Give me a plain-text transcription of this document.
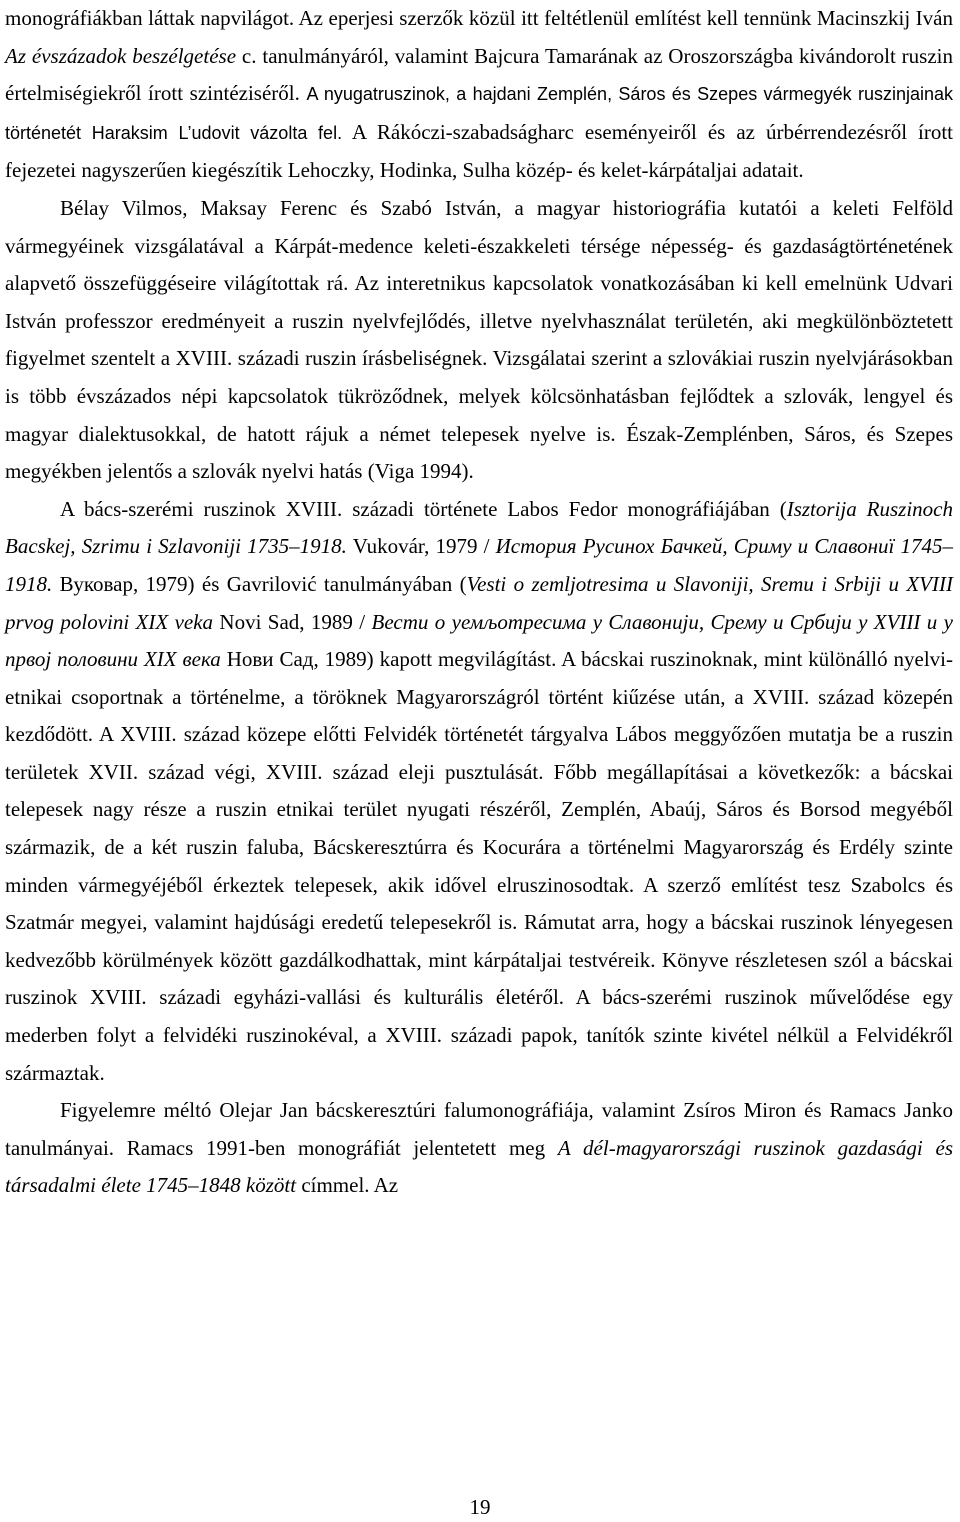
monográfiákban láttak napvilágot. Az eperjesi szerzők közül itt feltétlenül említést kell tennünk Macinszkij Iván Az évszázadok beszélgetése c. tanulmányáról, valamint Bajcura Tamarának az Oroszországba kivándorolt ruszin értelmiségiekről írott szintéziséről. A nyugatruszinok, a hajdani Zemplén, Sáros és Szepes vármegyék ruszinjainak történetét Haraksim L’udovit vázolta fel. A Rákóczi-szabadságharc eseményeiről és az úrbérrendezésről írott fejezetei nagyszerűen kiegészítik Lehoczky, Hodinka, Sulha közép- és kelet-kárpátaljai adatait.

Bélay Vilmos, Maksay Ferenc és Szabó István, a magyar historiográfia kutatói a keleti Felföld vármegyéinek vizsgálatával a Kárpát-medence keleti-északkeleti térsége népesség- és gazdaságtörténetének alapvető összefüggéseire világítottak rá. Az interetnikus kapcsolatok vonatkozásában ki kell emelnünk Udvari István professzor eredményeit a ruszin nyelvfejlődés, illetve nyelvhasználat területén, aki megkülönböztetett figyelmet szentelt a XVIII. századi ruszin írásbeliségnek. Vizsgálatai szerint a szlovákiai ruszin nyelvjárásokban is több évszázados népi kapcsolatok tükröződnek, melyek kölcsönhatásban fejlődtek a szlovák, lengyel és magyar dialektusokkal, de hatott rájuk a német telepesek nyelve is. Észak-Zemplénben, Sáros, és Szepes megyékben jelentős a szlovák nyelvi hatás (Viga 1994).

A bács-szerémi ruszinok XVIII. századi története Labos Fedor monográfiájában (Isztorija Ruszinoch Bacskej, Szrimu i Szlavoniji 1735–1918. Vukovár, 1979 / История Русинох Бачкей, Сриму и Славониї 1745–1918. Вуковар, 1979) és Gavrilović tanulmányában (Vesti o zemljotresima u Slavoniji, Sremu i Srbiji u XVIII prvog polovini XIX veka Novi Sad, 1989 / Вести о уемљотресима у Славонији, Срему и Србији у XVIII и у првој половини XIX века Нови Сад, 1989) kapott megvilágítást. A bácskai ruszinoknak, mint különálló nyelvi-etnikai csoportnak a történelme, a töröknek Magyarországról történt kiűzése után, a XVIII. század közepén kezdődött. A XVIII. század közepe előtti Felvidék történetét tárgyalva Lábos meggyőzően mutatja be a ruszin területek XVII. század végi, XVIII. század eleji pusztulását. Főbb megállapításai a következők: a bácskai telepesek nagy része a ruszin etnikai terület nyugati részéről, Zemplén, Abaúj, Sáros és Borsod megyéből származik, de a két ruszin faluba, Bácskeresztúrra és Kocurára a történelmi Magyarország és Erdély szinte minden vármegyéjéből érkeztek telepesek, akik idővel elruszinosodtak. A szerző említést tesz Szabolcs és Szatmár megyei, valamint hajdúsági eredetű telepesekről is. Rámutat arra, hogy a bácskai ruszinok lényegesen kedvezőbb körülmények között gazdálkodhattak, mint kárpátaljai testvéreik. Könyve részletesen szól a bácskai ruszinok XVIII. századi egyházi-vallási és kulturális életéről. A bács-szerémi ruszinok művelődése egy mederben folyt a felvidéki ruszinokéval, a XVIII. századi papok, tanítók szinte kivétel nélkül a Felvidékről származtak.

Figyelemre méltó Olejar Jan bácskeresztúri falumonográfiája, valamint Zsíros Miron és Ramacs Janko tanulmányai. Ramacs 1991-ben monográfiát jelentetett meg A dél-magyarországi ruszinok gazdasági és társadalmi élete 1745–1848 között címmel. Az

19
